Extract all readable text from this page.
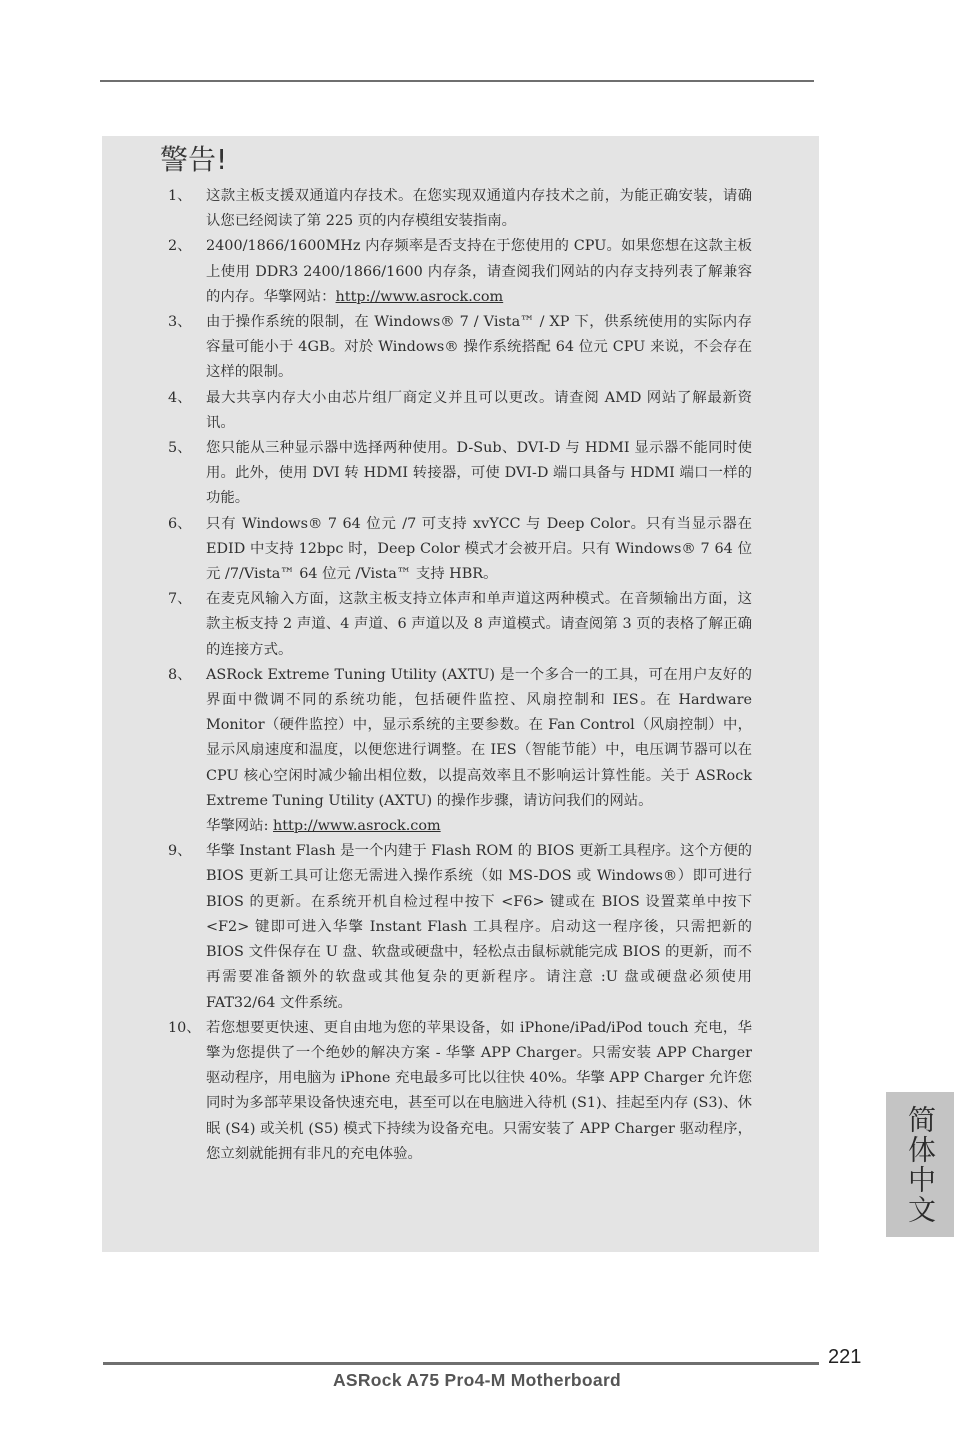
警告!
1、	这款主板支援双通道内存技术。在您实现双通道内存技术之前，为能正确安装，请确认您已经阅读了第 225 页的内存模组安装指南。
2、	2400/1866/1600MHz 内存频率是否支持在于您使用的 CPU。如果您想在这款主板上使用 DDR3 2400/1866/1600 内存条，请查阅我们网站的内存支持列表了解兼容的内存。华擎网站：http://www.asrock.com
3、	由于操作系统的限制，在 Windows® 7 / Vista™ / XP 下，供系统使用的实际内存容量可能小于 4GB。对於 Windows® 操作系统搭配 64 位元 CPU 来说，不会存在这样的限制。
4、	最大共享内存大小由芯片组厂商定义并且可以更改。请查阅 AMD 网站了解最新资讯。
5、	您只能从三种显示器中选择两种使用。D-Sub、DVI-D 与 HDMI 显示器不能同时使用。此外，使用 DVI 转 HDMI 转接器，可使 DVI-D 端口具备与 HDMI 端口一样的功能。
6、	只有 Windows® 7 64 位元 /7 可支持 xvYCC 与 Deep Color。只有当显示器在 EDID 中支持 12bpc 时，Deep Color 模式才会被开启。只有 Windows® 7 64 位元 /7/Vista™ 64 位元 /Vista™ 支持 HBR。
7、	在麦克风输入方面，这款主板支持立体声和单声道这两种模式。在音频输出方面，这款主板支持 2 声道、4 声道、6 声道以及 8 声道模式。请查阅第 3 页的表格了解正确的连接方式。
8、	ASRock Extreme Tuning Utility (AXTU) 是一个多合一的工具，可在用户友好的界面中微调不同的系统功能，包括硬件监控、风扇控制和 IES。在 Hardware Monitor（硬件监控）中，显示系统的主要参数。在 Fan Control（风扇控制）中，显示风扇速度和温度，以便您进行调整。在 IES（智能节能）中，电压调节器可以在 CPU 核心空闲时减少输出相位数，以提高效率且不影响运计算性能。关于 ASRock Extreme Tuning Utility (AXTU) 的操作步骤，请访问我们的网站。
华擎网站: http://www.asrock.com
9、	华擎 Instant Flash 是一个内建于 Flash ROM 的 BIOS 更新工具程序。这个方便的 BIOS 更新工具可让您无需进入操作系统（如 MS-DOS 或 Windows®）即可进行 BIOS 的更新。在系统开机自检过程中按下 <F6> 键或在 BIOS 设置菜单中按下 <F2> 键即可进入华擎 Instant Flash 工具程序。启动这一程序後，只需把新的 BIOS 文件保存在 U 盘、软盘或硬盘中，轻松点击鼠标就能完成 BIOS 的更新，而不再需要准备额外的软盘或其他复杂的更新程序。请注意 :U 盘或硬盘必须使用 FAT32/64 文件系统。
10、 若您想要更快速、更自由地为您的苹果设备，如 iPhone/iPad/iPod touch 充电，华擎为您提供了一个绝妙的解决方案 - 华擎 APP Charger。只需安装 APP Charger 驱动程序，用电脑为 iPhone 充电最多可比以往快 40%。华擎 APP Charger 允许您同时为多部苹果设备快速充电，甚至可以在电脑进入待机 (S1)、挂起至内存 (S3)、休眠 (S4) 或关机 (S5) 模式下持续为设备充电。只需安装了 APP Charger 驱动程序，您立刻就能拥有非凡的充电体验。	简体中文
221
ASRock A75 Pro4-M Motherboard
